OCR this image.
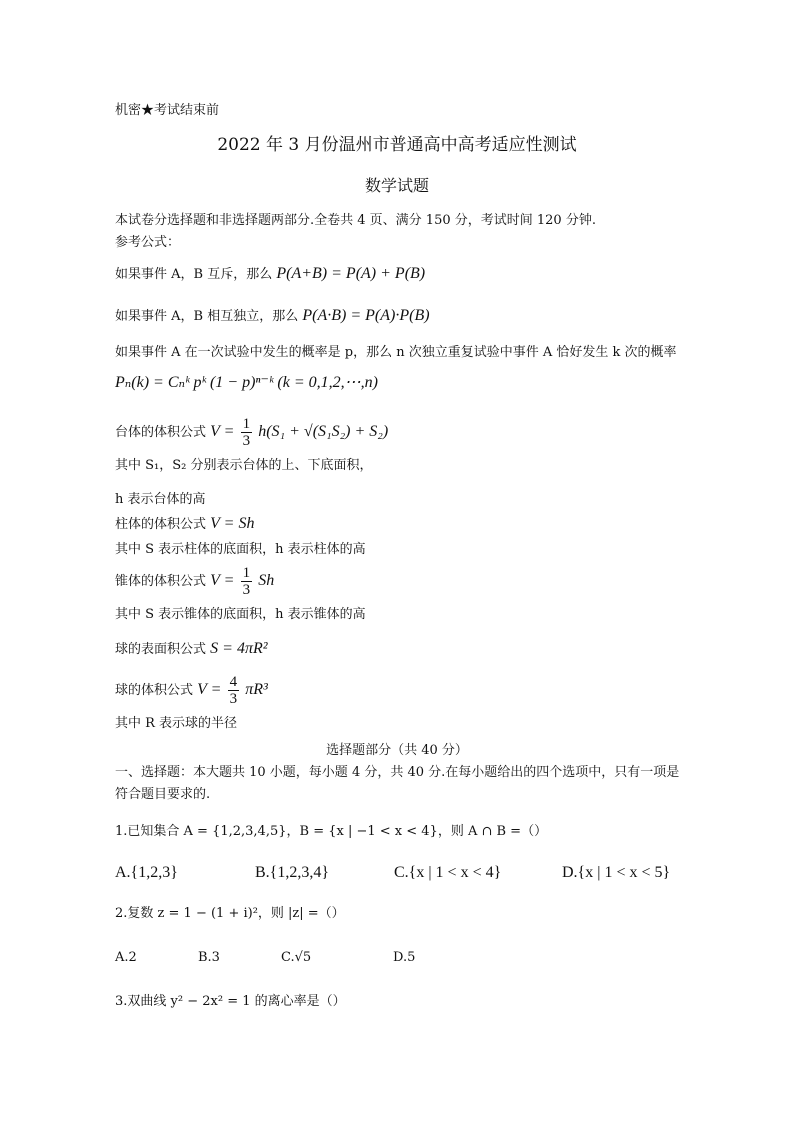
机密★考试结束前
2022 年 3 月份温州市普通高中高考适应性测试
数学试题
本试卷分选择题和非选择题两部分.全卷共 4 页、满分 150 分，考试时间 120 分钟.
参考公式：
如果事件 A，B 互斥，那么 P(A+B) = P(A) + P(B)
如果事件 A，B 相互独立，那么 P(A·B) = P(A)·P(B)
如果事件 A 在一次试验中发生的概率是 p，那么 n 次独立重复试验中事件 A 恰好发生 k 次的概率
Pₙ(k) = Cₙᵏ pᵏ (1 − p)ⁿ⁻ᵏ (k = 0,1,2,⋯,n)
台体的体积公式 $V = \frac{1}{3} h(S_1 + √(S_1S_2) + S_2)$
其中 S₁，S₂ 分别表示台体的上、下底面积，
h 表示台体的高
柱体的体积公式 V = Sh
其中 S 表示柱体的底面积，h 表示柱体的高
锥体的体积公式 $V = \frac{1}{3}$ Sh
其中 S 表示锥体的底面积，h 表示锥体的高
球的表面积公式 S = 4πR²
球的体积公式 $V = \frac{4}{3} \pi R^3$
其中 R 表示球的半径
选择题部分（共 40 分）
一、选择题：本大题共 10 小题，每小题 4 分，共 40 分.在每小题给出的四个选项中，只有一项是
符合题目要求的.
1.已知集合 A = {1,2,3,4,5}，B = {x | −1 < x < 4}，则 A ∩ B =（）
A.{1,2,3}	B.{1,2,3,4}	C.{x | 1 < x < 4}	D.{x | 1 < x < 5}
2.复数 z = 1 − (1 + i)²，则 |z| =（）
A.2	B.3	C.√5	D.5
3.双曲线 y² − 2x² = 1 的离心率是（）
